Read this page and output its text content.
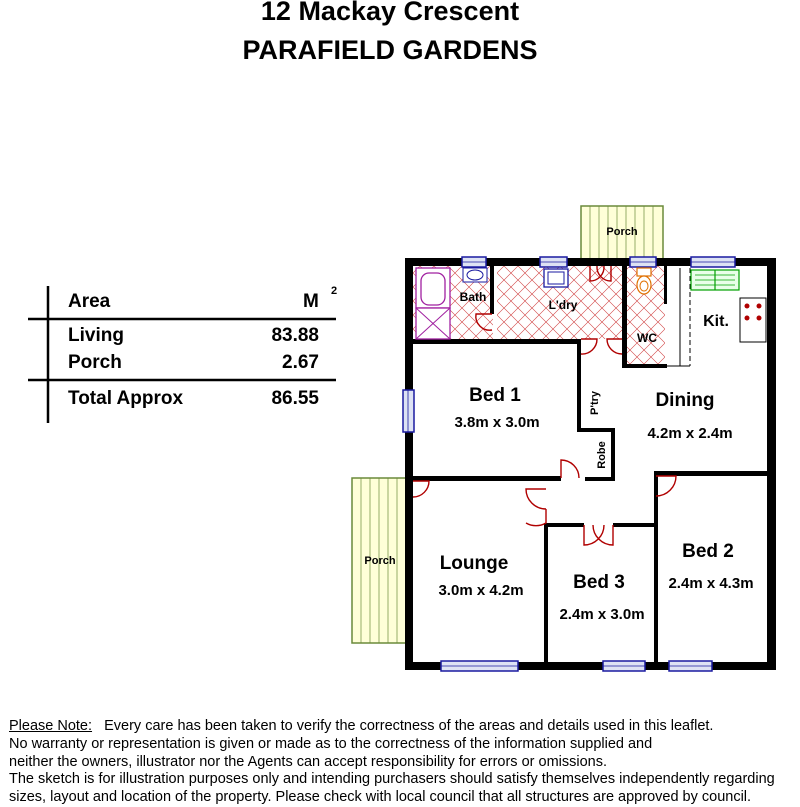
12 Mackay Crescent
PARAFIELD GARDENS
Area	M 2
Living	83.88
Porch	2.67
Total Approx	86.55
Bath
L'dry
Porch
WC
Kit.
Bed 1
3.8m x 3.0m
P'try
Robe
Dining
4.2m x 2.4m
Porch Lounge
3.0m x 4.2m	Bed 3
2.4m x 3.0m
Bed 2
2.4m x 4.3m
Please Note:   Every care has been taken to verify the correctness of the areas and details used in this leaflet.
No warranty or representation is given or made as to the correctness of the information supplied and
neither the owners, illustrator nor the Agents can accept responsibility for errors or omissions.
The sketch is for illustration purposes only and intending purchasers should satisfy themselves independently regarding
sizes, layout and location of the property. Please check with local council that all structures are approved by council.
